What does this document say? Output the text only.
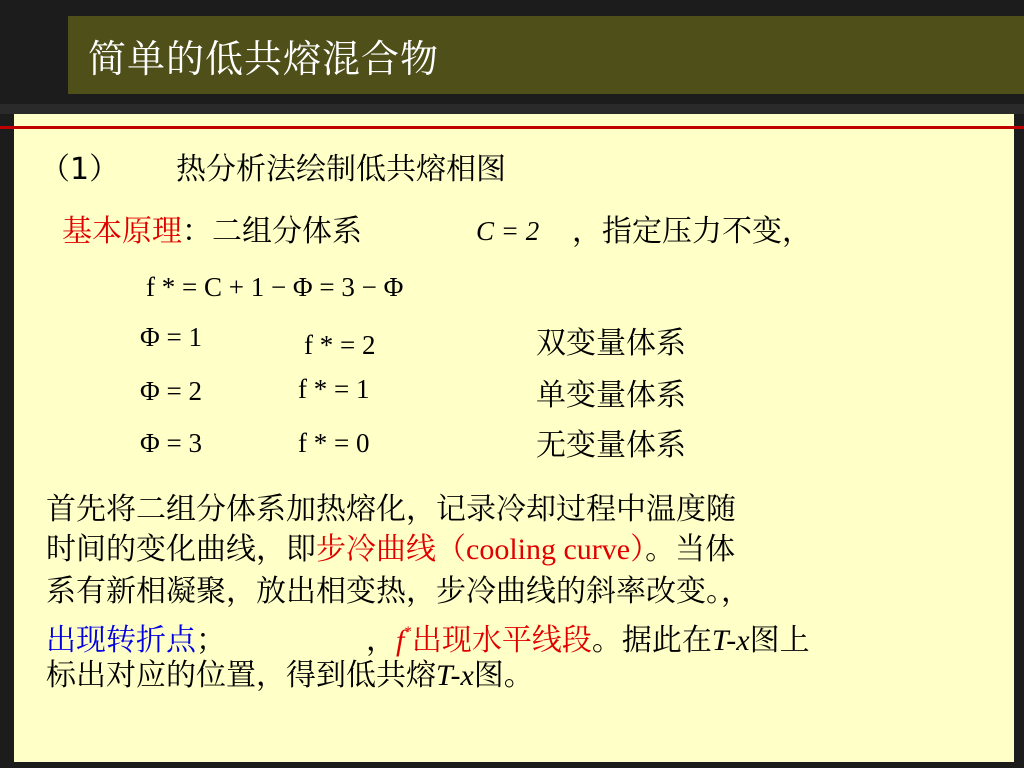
简单的低共熔混合物
（1） 热分析法绘制低共熔相图
基本原理：二组分体系	C = 2 ，指定压力不变，
f * = C + 1 − Φ = 3 − Φ
Φ = 1	f * = 2	双变量体系
Φ = 2	f * = 1	单变量体系
Φ = 3	f * = 0	无变量体系
首先将二组分体系加热熔化，记录冷却过程中温度随
时间的变化曲线，即步冷曲线（cooling curve）。当体
系有新相凝聚，放出相变热，步冷曲线的斜率改变。，
出现转折点；	，f*出现水平线段。据此在T-x图上
标出对应的位置，得到低共熔T-x图。
